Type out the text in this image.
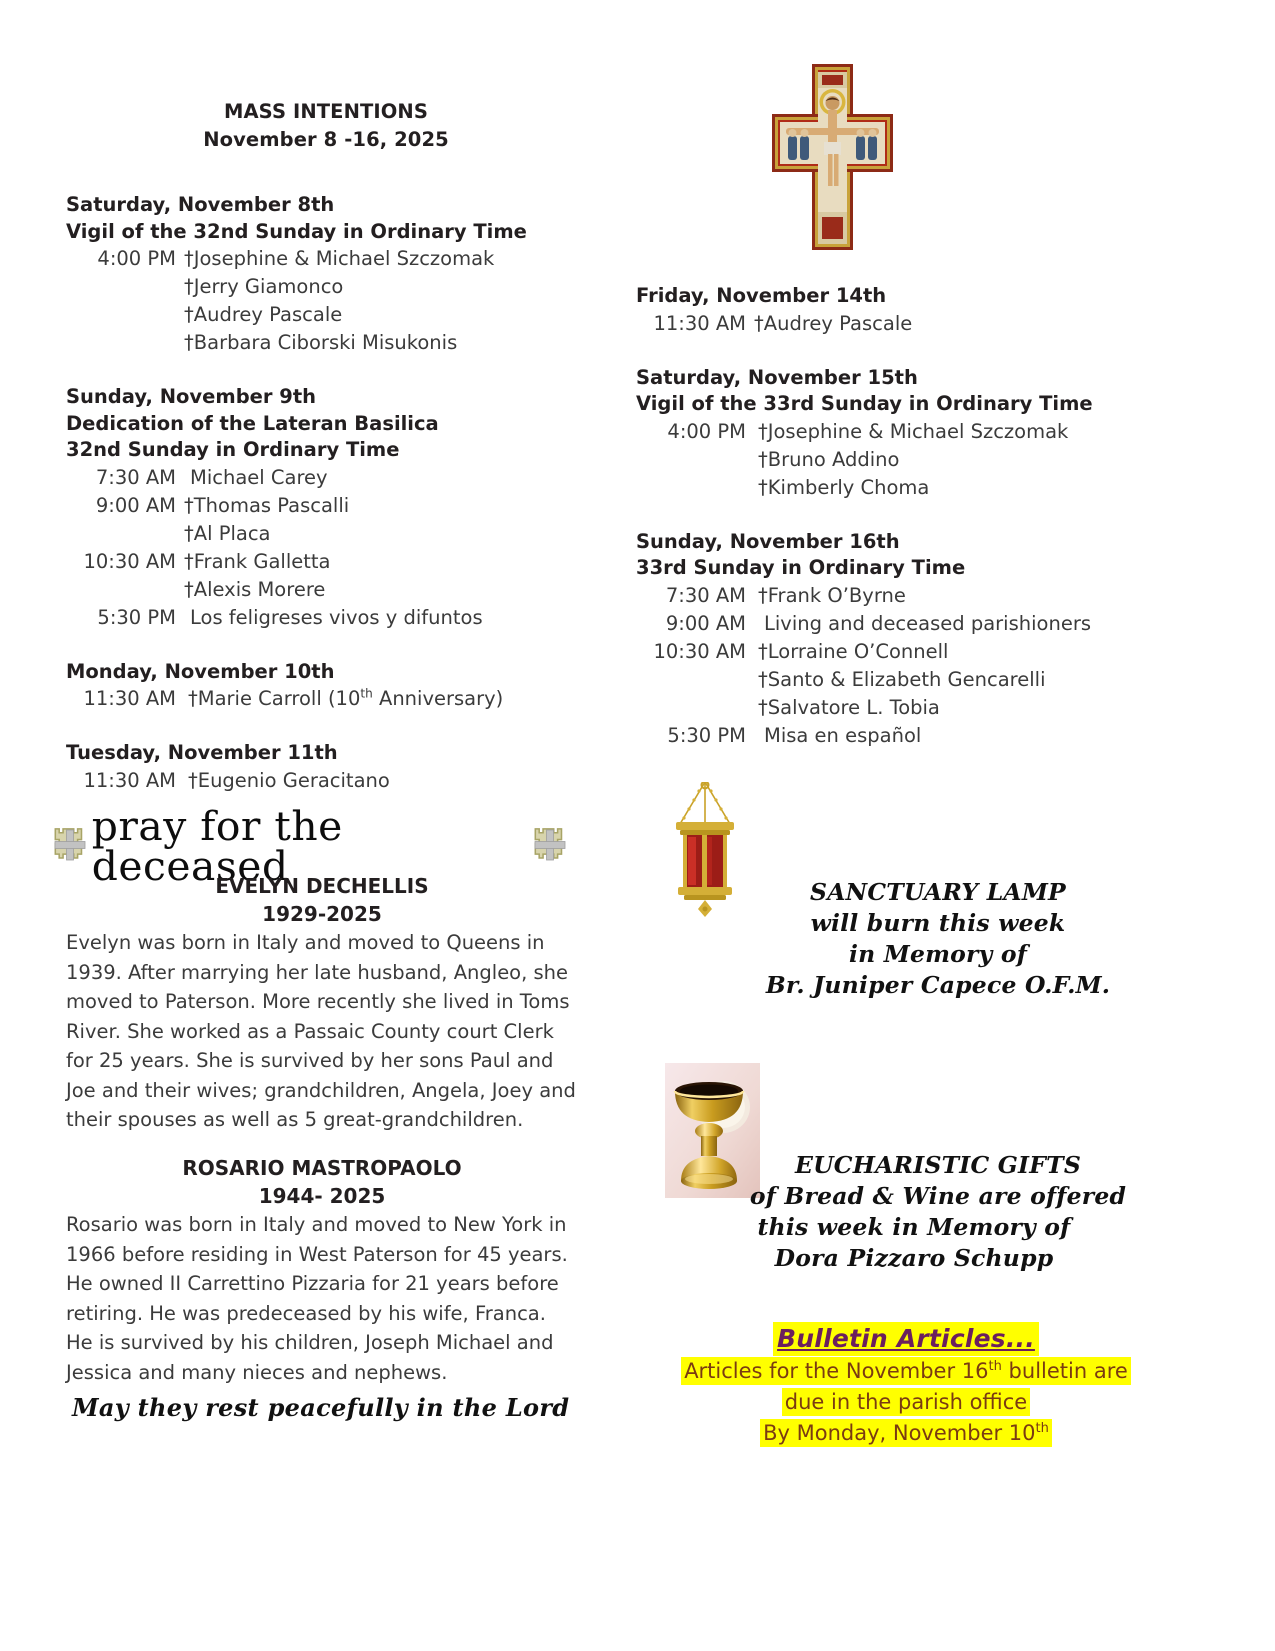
MASS INTENTIONS
November 8 -16, 2025
Saturday, November 8th
Vigil of the 32nd Sunday in Ordinary Time
4:00 PM †Josephine & Michael Szczomak
†Jerry Giamonco
†Audrey Pascale
†Barbara Ciborski Misukonis
Sunday, November 9th
Dedication of the Lateran Basilica
32nd Sunday in Ordinary Time
7:30 AM Michael Carey
9:00 AM †Thomas Pascalli
†Al Placa
10:30 AM †Frank Galletta
†Alexis Morere
5:30 PM Los feligreses vivos y difuntos
Monday, November 10th
11:30 AM †Marie Carroll (10th Anniversary)
Tuesday, November 11th
11:30 AM †Eugenio Geracitano
Friday, November 14th
11:30 AM †Audrey Pascale
Saturday, November 15th
Vigil of the 33rd Sunday in Ordinary Time
4:00 PM †Josephine & Michael Szczomak
†Bruno Addino
†Kimberly Choma
Sunday, November 16th
33rd Sunday in Ordinary Time
7:30 AM †Frank O’Byrne
9:00 AM Living and deceased parishioners
10:30 AM †Lorraine O’Connell
†Santo & Elizabeth Gencarelli
†Salvatore L. Tobia
5:30 PM Misa en español
pray for the deceased
EVELYN DECHELLIS
1929-2025
Evelyn was born in Italy and moved to Queens in 1939. After marrying her late husband, Angleo, she moved to Paterson. More recently she lived in Toms River. She worked as a Passaic County court Clerk for 25 years. She is survived by her sons Paul and Joe and their wives; grandchildren, Angela, Joey and their spouses as well as 5 great-grandchildren.
ROSARIO MASTROPAOLO
1944- 2025
Rosario was born in Italy and moved to New York in 1966 before residing in West Paterson for 45 years. He owned II Carrettino Pizzaria for 21 years before retiring. He was predeceased by his wife, Franca. He is survived by his children, Joseph Michael and Jessica and many nieces and nephews.
May they rest peacefully in the Lord
SANCTUARY LAMP
will burn this week
in Memory of
Br. Juniper Capece O.F.M.
EUCHARISTIC GIFTS
of Bread & Wine are offered
this week in Memory of
Dora Pizzaro Schupp
Bulletin Articles...
Articles for the November 16th bulletin are
due in the parish office
By Monday, November 10th
